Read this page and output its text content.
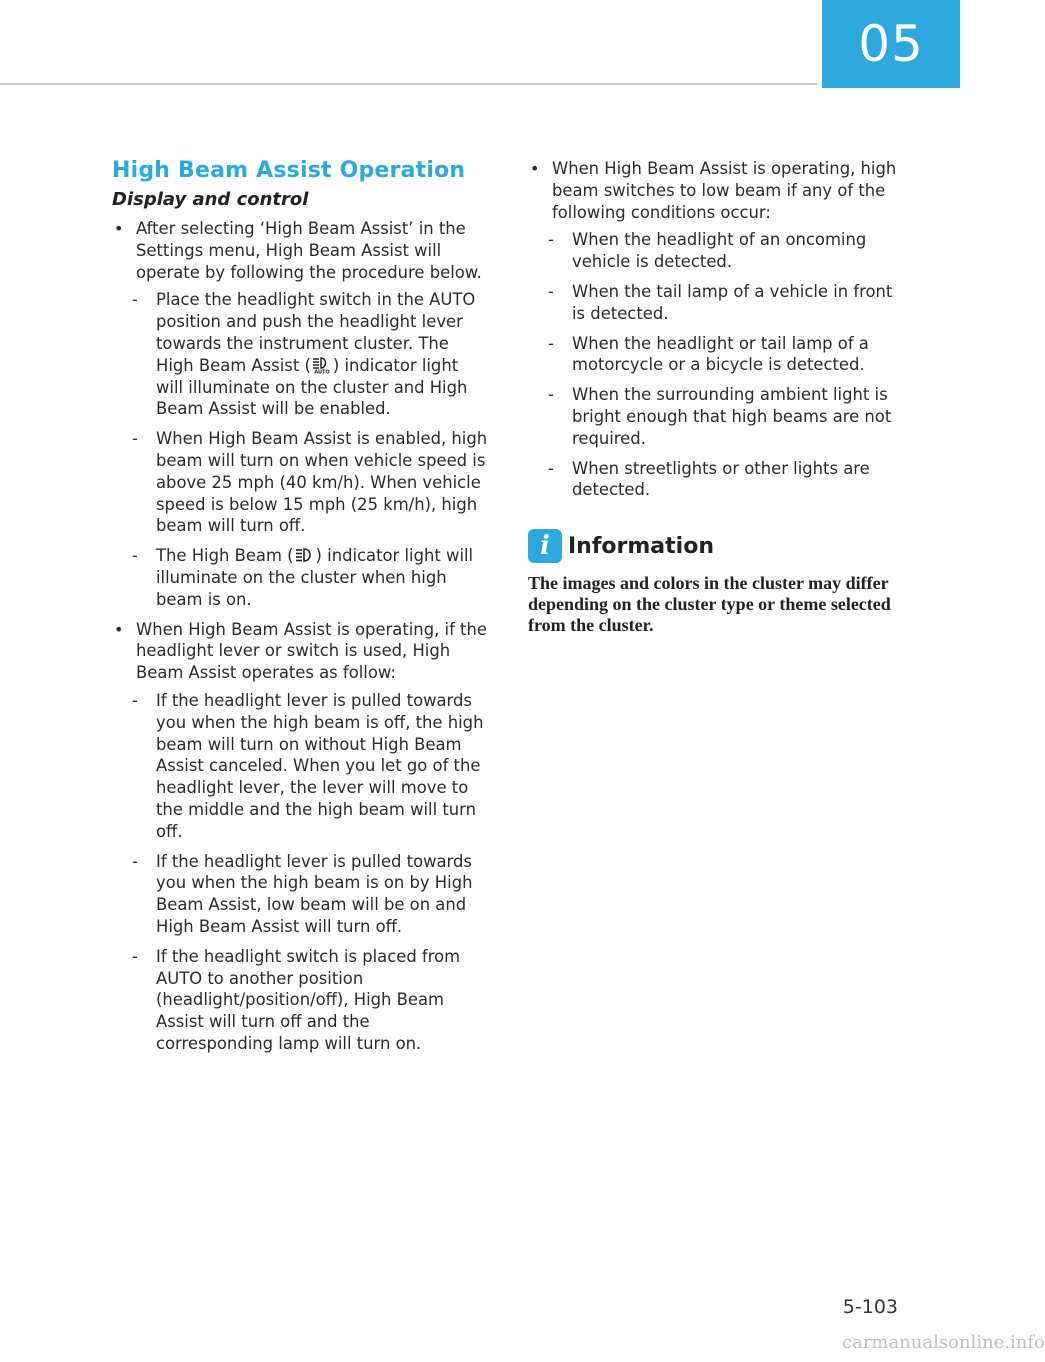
05
High Beam Assist Operation
Display and control
• After selecting ‘High Beam Assist’ in the Settings menu, High Beam Assist will operate by following the procedure below.
- Place the headlight switch in the AUTO position and push the headlight lever towards the instrument cluster. The High Beam Assist ( AUTO ) indicator light will illuminate on the cluster and High Beam Assist will be enabled.
- When High Beam Assist is enabled, high beam will turn on when vehicle speed is above 25 mph (40 km/h). When vehicle speed is below 15 mph (25 km/h), high beam will turn off.
- The High Beam ( ) indicator light will illuminate on the cluster when high beam is on.
• When High Beam Assist is operating, if the headlight lever or switch is used, High Beam Assist operates as follow:
- If the headlight lever is pulled towards you when the high beam is off, the high beam will turn on without High Beam Assist canceled. When you let go of the headlight lever, the lever will move to the middle and the high beam will turn off.
- If the headlight lever is pulled towards you when the high beam is on by High Beam Assist, low beam will be on and High Beam Assist will turn off.
- If the headlight switch is placed from AUTO to another position (headlight/position/off), High Beam Assist will turn off and the corresponding lamp will turn on.
• When High Beam Assist is operating, high beam switches to low beam if any of the following conditions occur:
- When the headlight of an oncoming vehicle is detected.
- When the tail lamp of a vehicle in front is detected.
- When the headlight or tail lamp of a motorcycle or a bicycle is detected.
- When the surrounding ambient light is bright enough that high beams are not required.
- When streetlights or other lights are detected.
i Information
The images and colors in the cluster may differ depending on the cluster type or theme selected from the cluster.
5-103
carmanualsonline.info
